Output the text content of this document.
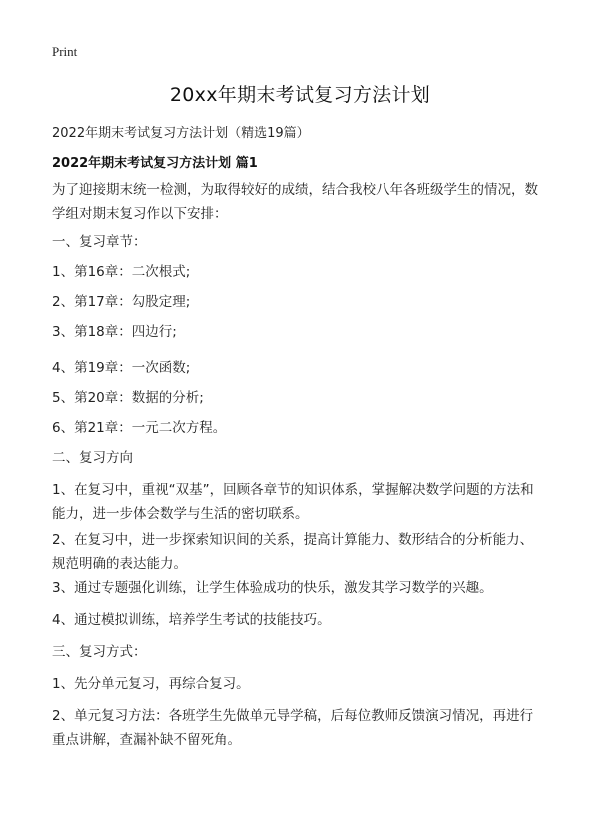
Print
20xx年期末考试复习方法计划
2022年期末考试复习方法计划（精选19篇）
2022年期末考试复习方法计划 篇1
为了迎接期末统一检测，为取得较好的成绩，结合我校八年各班级学生的情况，数
学组对期末复习作以下安排：
一、复习章节：
1、第16章：二次根式;
2、第17章：勾股定理;
3、第18章：四边行;
4、第19章：一次函数;
5、第20章：数据的分析;
6、第21章：一元二次方程。
二、复习方向
1、在复习中，重视“双基”，回顾各章节的知识体系，掌握解决数学问题的方法和
能力，进一步体会数学与生活的密切联系。
2、在复习中，进一步探索知识间的关系，提高计算能力、数形结合的分析能力、
规范明确的表达能力。
3、通过专题强化训练，让学生体验成功的快乐，激发其学习数学的兴趣。
4、通过模拟训练，培养学生考试的技能技巧。
三、复习方式：
1、先分单元复习，再综合复习。
2、单元复习方法：各班学生先做单元导学稿，后每位教师反馈演习情况，再进行
重点讲解，查漏补缺不留死角。
